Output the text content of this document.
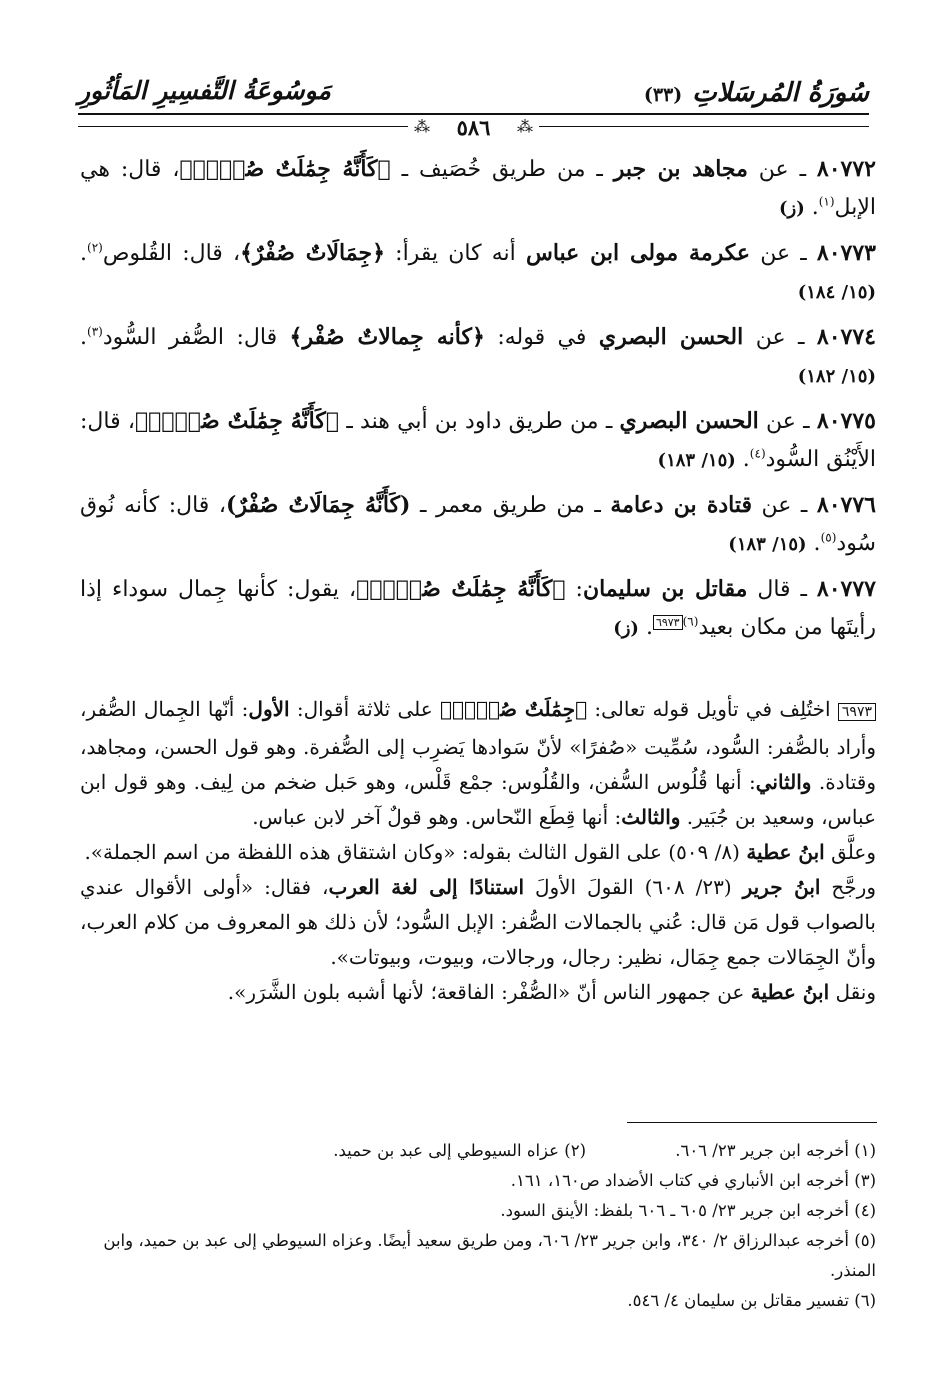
سُورَةُ المُرسَلاتِ
(٣٣)
مَوسُوعَةُ التَّفسِيرِ المَأثُورِ
⁂
٥٨٦
⁂

٨٠٧٧٢ ـ عن مجاهد بن جبر ـ من طريق خُصَيف ـ ﴿كَأَنَّهُ جِمَٰلَتٌ صُفۡرٞ﴾، قال: هي الإبل$^{(١)}$. (ز)

٨٠٧٧٣ ـ عن عكرمة مولى ابن عباس أنه كان يقرأ: ﴿جِمَالَاتٌ صُفْرٌ﴾، قال: القُلوص$^{(٢)}$. (١٥/ ١٨٤)

٨٠٧٧٤ ـ عن الحسن البصري في قوله: ﴿كأنه جِمالاتٌ صُفْر﴾ قال: الصُّفر السُّود$^{(٣)}$. (١٥/ ١٨٢)

٨٠٧٧٥ ـ عن الحسن البصري ـ من طريق داود بن أبي هند ـ ﴿كَأَنَّهُ جِمَٰلَتٌ صُفۡرٞ﴾، قال: الأَيْنُق السُّود$^{(٤)}$. (١٥/ ١٨٣)

٨٠٧٧٦ ـ عن قتادة بن دعامة ـ من طريق معمر ـ (كَأَنَّهُ جِمَالَاتٌ صُفْرٌ)، قال: كأنه نُوق سُود$^{(٥)}$. (١٥/ ١٨٣)

٨٠٧٧٧ ـ قال مقاتل بن سليمان: ﴿كَأَنَّهُ جِمَٰلَتٌ صُفۡرٞ﴾، يقول: كأنها جِمال سوداء إذا رأيتَها من مكان بعيد$^{(٦)٦٩٧٣}$. (ز)

٦٩٧٣ اختُلِف في تأويل قوله تعالى: ﴿جِمَٰلَتٌ صُفۡرٞ﴾ على ثلاثة أقوال: الأول: أنّها الجِمال الصُّفر، وأراد بالصُّفر: السُّود، سُمِّيت «صُفرًا» لأنّ سَوادها يَضرِب إلى الصُّفرة. وهو قول الحسن، ومجاهد، وقتادة. والثاني: أنها قُلُوس السُّفن، والقُلُوس: جمْع قَلْس، وهو حَبل ضخم من لِيف. وهو قول ابن عباس، وسعيد بن جُبَير. والثالث: أنها قِطَع النّحاس. وهو قولٌ آخر لابن عباس.

وعلَّق ابنُ عطية (٨/ ٥٠٩) على القول الثالث بقوله: «وكان اشتقاق هذه اللفظة من اسم الجملة».

ورجَّح ابنُ جرير (٢٣/ ٦٠٨) القولَ الأولَ استنادًا إلى لغة العرب، فقال: «أولى الأقوال عندي بالصواب قول مَن قال: عُني بالجمالات الصُّفر: الإبل السُّود؛ لأن ذلك هو المعروف من كلام العرب، وأنّ الجِمَالات جمع جِمَال، نظير: رجال، ورجالات، وبيوت، وبيوتات».

ونقل ابنُ عطية عن جمهور الناس أنّ «الصُّفْر: الفاقعة؛ لأنها أشبه بلون الشَّرَر».

(١) أخرجه ابن جرير ٢٣/ ٦٠٦.
(٢) عزاه السيوطي إلى عبد بن حميد.

(٣) أخرجه ابن الأنباري في كتاب الأضداد ص١٦٠، ١٦١.

(٤) أخرجه ابن جرير ٢٣/ ٦٠٥ ـ ٦٠٦ بلفظ: الأينق السود.

(٥) أخرجه عبدالرزاق ٢/ ٣٤٠، وابن جرير ٢٣/ ٦٠٦، ومن طريق سعيد أيضًا. وعزاه السيوطي إلى عبد بن حميد، وابن المنذر.

(٦) تفسير مقاتل بن سليمان ٤/ ٥٤٦.
